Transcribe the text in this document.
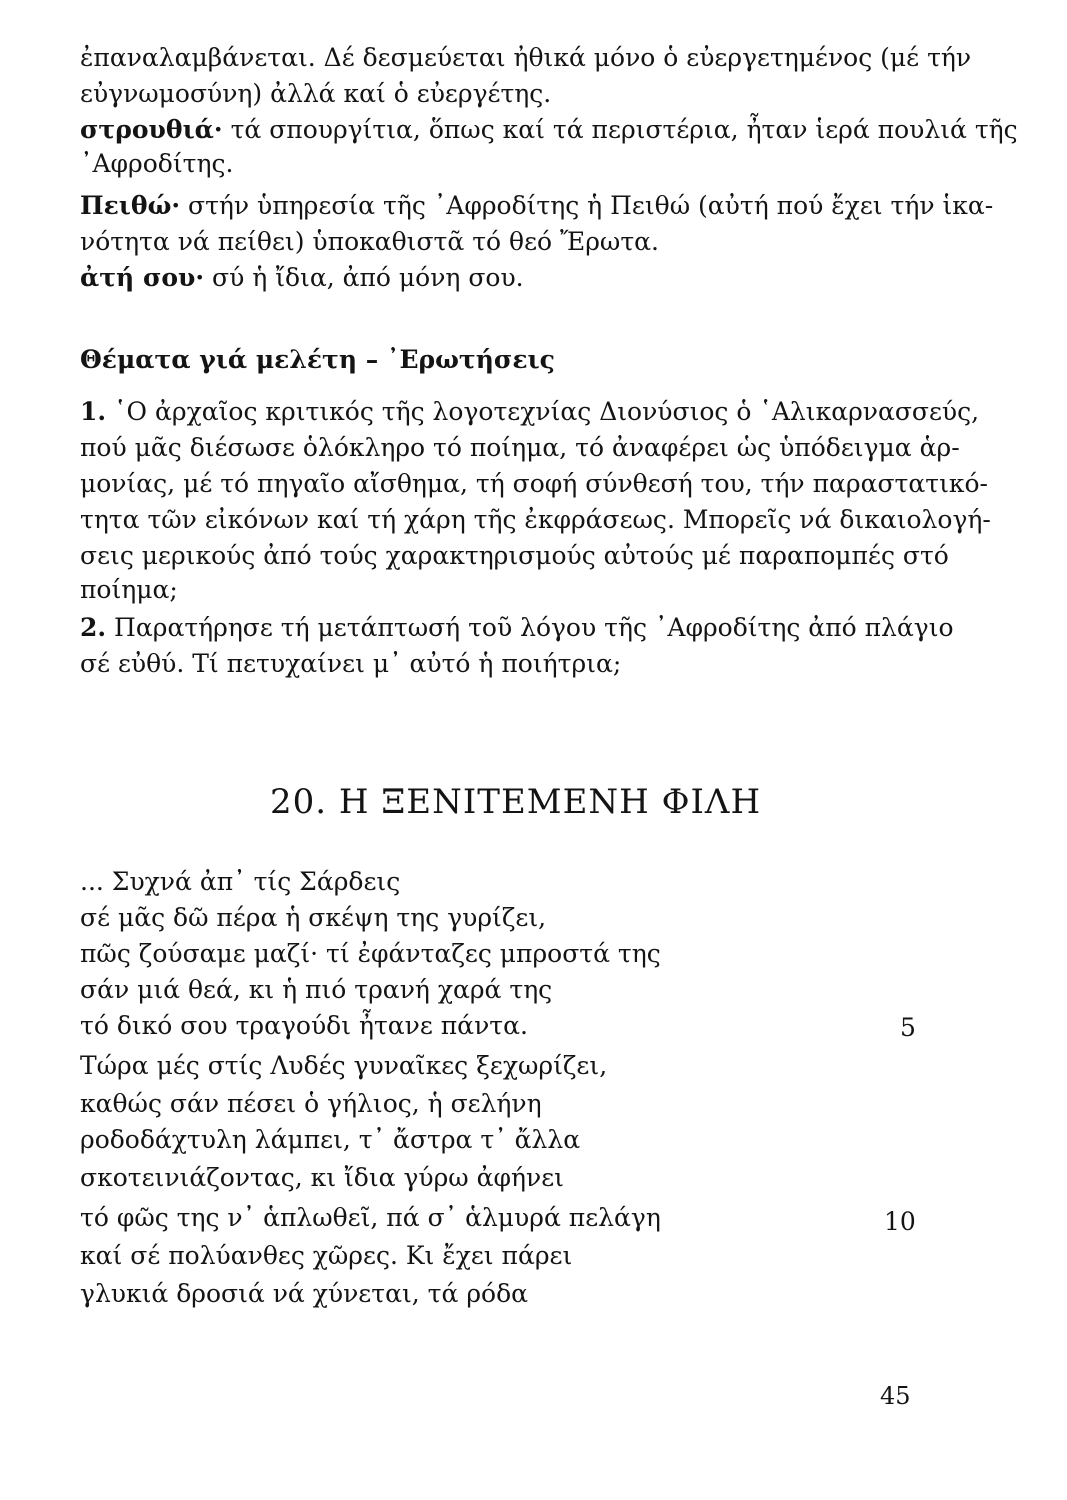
ἐπαναλαμβάνεται. Δέ δεσμεύεται ἠθικά μόνο ὁ εὐεργετημένος (μέ τήν
εὐγνωμοσύνη) ἀλλά καί ὁ εὐεργέτης.
στρουθιά· τά σπουργίτια, ὅπως καί τά περιστέρια, ἦταν ἱερά πουλιά τῆς
᾽Αφροδίτης.
Πειθώ· στήν ὑπηρεσία τῆς ᾽Αφροδίτης ἡ Πειθώ (αὐτή πού ἔχει τήν ἱκα-
νότητα νά πείθει) ὑποκαθιστᾶ τό θεό Ἔρωτα.
ἀτή σου· σύ ἡ ἴδια, ἀπό μόνη σου.
Θέματα γιά μελέτη – ᾽Ερωτήσεις
1. ῾Ο ἀρχαῖος κριτικός τῆς λογοτεχνίας Διονύσιος ὁ ῾Αλικαρνασσεύς,
πού μᾶς διέσωσε ὁλόκληρο τό ποίημα, τό ἀναφέρει ὡς ὑπόδειγμα ἁρ-
μονίας, μέ τό πηγαῖο αἴσθημα, τή σοφή σύνθεσή του, τήν παραστατικό-
τητα τῶν εἰκόνων καί τή χάρη τῆς ἐκφράσεως. Μπορεῖς νά δικαιολογή-
σεις μερικούς ἀπό τούς χαρακτηρισμούς αὐτούς μέ παραπομπές στό
ποίημα;
2. Παρατήρησε τή μετάπτωσή τοῦ λόγου τῆς ᾽Αφροδίτης ἀπό πλάγιο
σέ εὐθύ. Τί πετυχαίνει μ᾽ αὐτό ἡ ποιήτρια;
20. Η ΞΕΝΙΤΕΜΕΝΗ ΦΙΛΗ
... Συχνά ἀπ᾽ τίς Σάρδεις
σέ μᾶς δῶ πέρα ἡ σκέψη της γυρίζει,
πῶς ζούσαμε μαζί· τί ἐφάνταζες μπροστά της
σάν μιά θεά, κι ἡ πιό τρανή χαρά της
τό δικό σου τραγούδι ἦτανε πάντα.	5
Τώρα μές στίς Λυδές γυναῖκες ξεχωρίζει,
καθώς σάν πέσει ὁ γήλιος, ἡ σελήνη
ροδοδάχτυλη λάμπει, τ᾽ ἄστρα τ᾽ ἄλλα
σκοτεινιάζοντας, κι ἴδια γύρω ἀφήνει
τό φῶς της ν᾽ ἁπλωθεῖ, πά σ᾽ ἁλμυρά πελάγη	10
καί σέ πολύανθες χῶρες. Κι ἔχει πάρει
γλυκιά δροσιά νά χύνεται, τά ρόδα
45
